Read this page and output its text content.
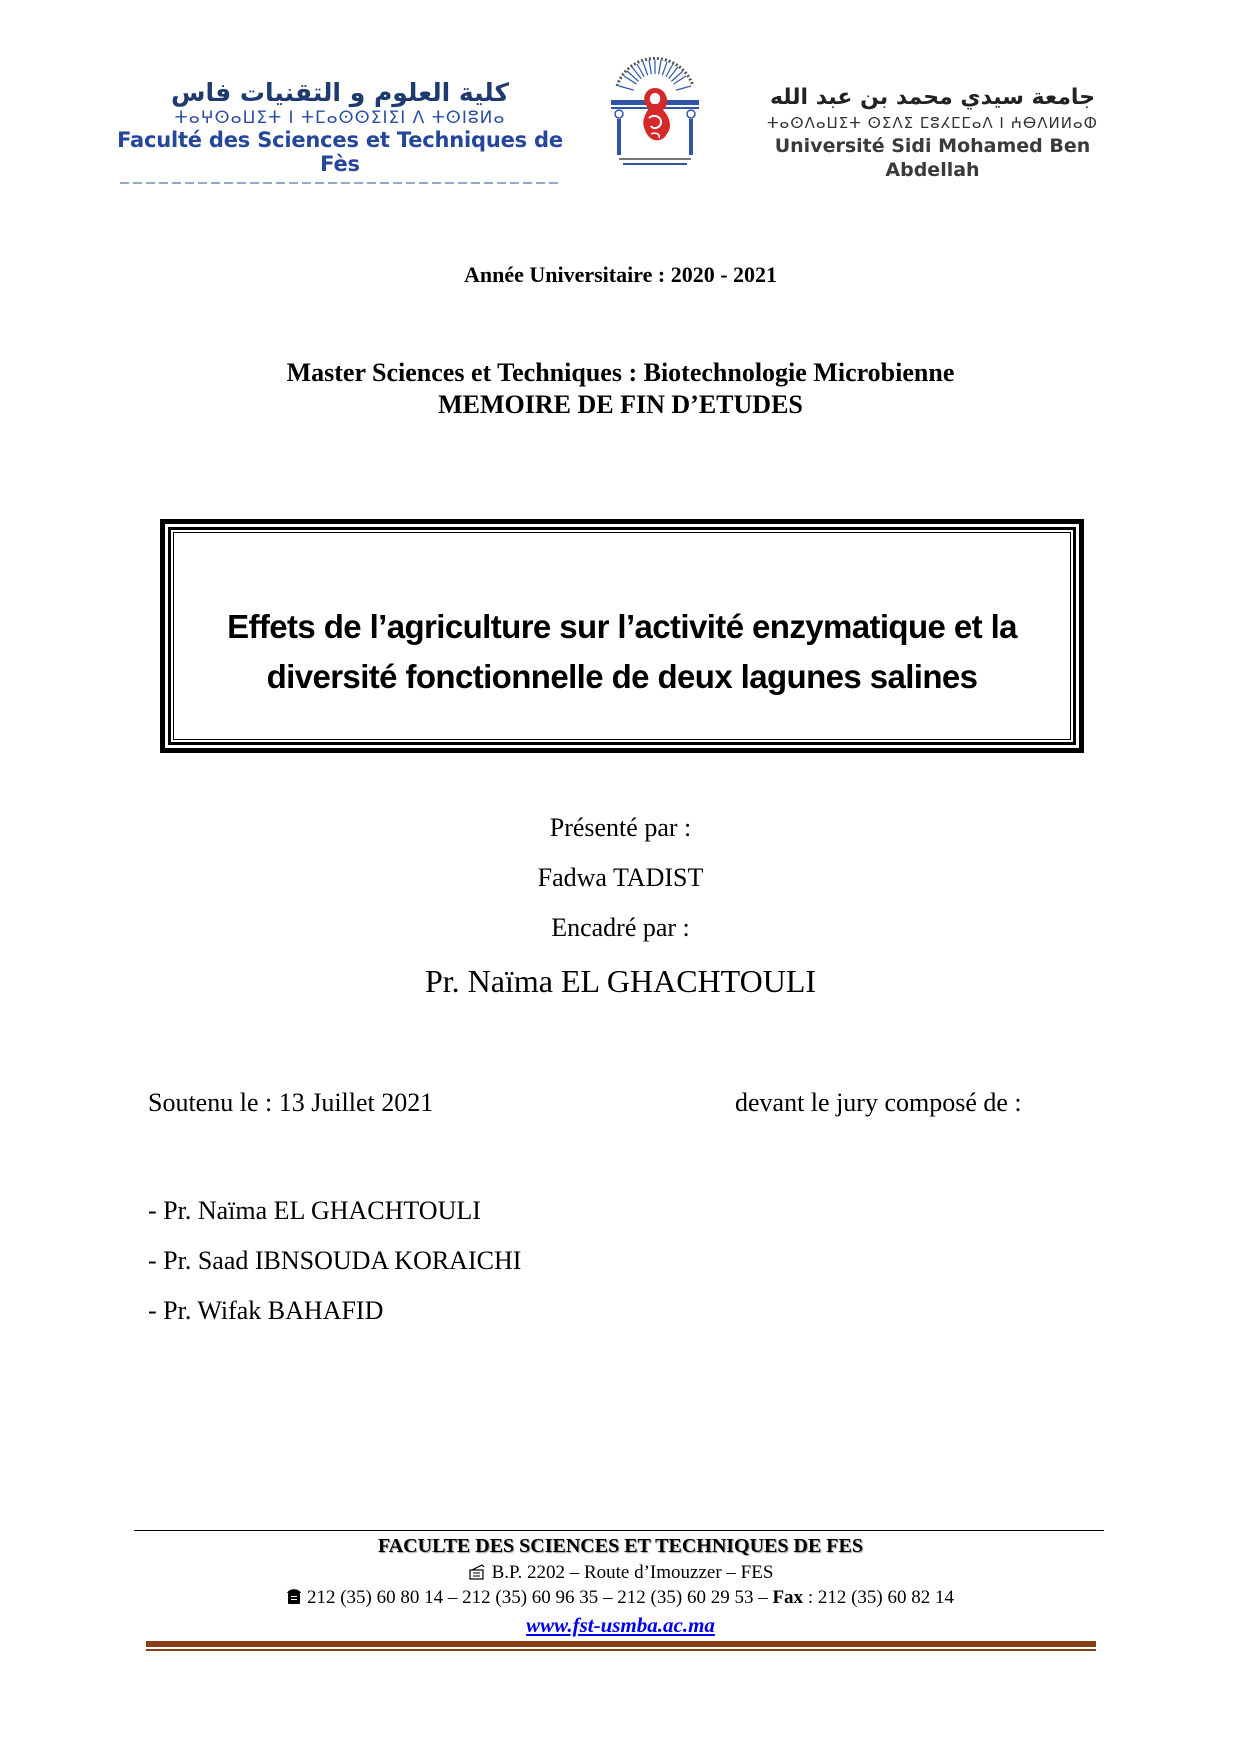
كلية العلوم و التقنيات فاس
ⵜⴰⵖⵙⴰⵡⵉⵜ ⵏ ⵜⵎⴰⵙⵙⵉⵏⵉⵏ ⴷ ⵜⵙⵏⵓⵍⴰ
Faculté des Sciences et Techniques de Fès
جامعة سيدي محمد بن عبد الله
ⵜⴰⵙⴷⴰⵡⵉⵜ ⵙⵉⴷⵉ ⵎⵓⵃⵎⵎⴰⴷ ⵏ ⵄⴱⴷⵍⵍⴰⵀ
Université Sidi Mohamed Ben Abdellah
Année Universitaire : 2020 - 2021
Master Sciences et Techniques : Biotechnologie Microbienne
MEMOIRE DE FIN D’ETUDES
Effets de l’agriculture sur l’activité enzymatique et la
diversité fonctionnelle de deux lagunes salines
Présenté par :
Fadwa TADIST
Encadré par :
Pr. Naïma EL GHACHTOULI
Soutenu le : 13 Juillet 2021	devant le jury composé de :
- Pr. Naïma EL GHACHTOULI
- Pr. Saad IBNSOUDA KORAICHI
- Pr. Wifak BAHAFID
FACULTE DES SCIENCES ET TECHNIQUES DE FES
B.P. 2202 – Route d’Imouzzer – FES
212 (35) 60 80 14 – 212 (35) 60 96 35 – 212 (35) 60 29 53 – Fax : 212 (35) 60 82 14
www.fst-usmba.ac.ma
